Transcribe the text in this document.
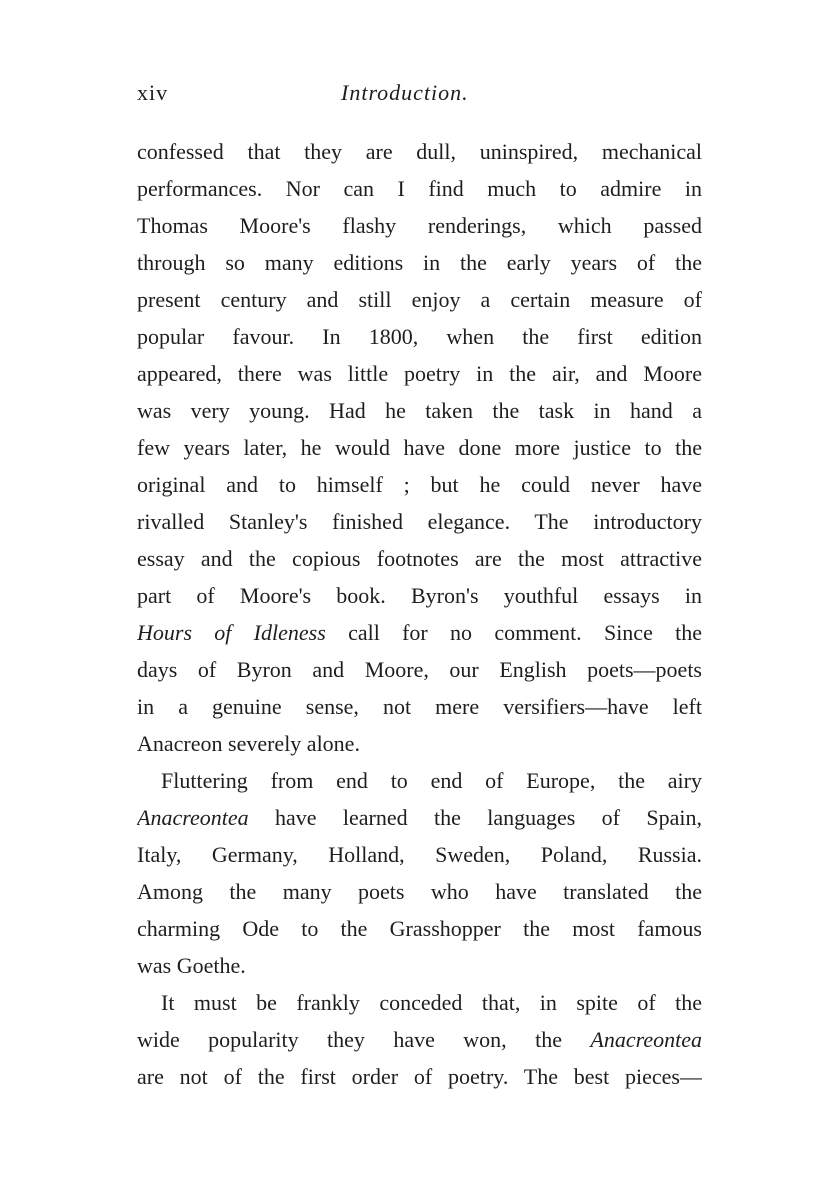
xiv	Introduction.
confessed that they are dull, uninspired, mechanical
performances. Nor can I find much to admire in
Thomas Moore's flashy renderings, which passed
through so many editions in the early years of the
present century and still enjoy a certain measure of
popular favour. In 1800, when the first edition
appeared, there was little poetry in the air, and Moore
was very young. Had he taken the task in hand a
few years later, he would have done more justice to the
original and to himself ; but he could never have
rivalled Stanley's finished elegance. The introductory
essay and the copious footnotes are the most attractive
part of Moore's book. Byron's youthful essays in
Hours of Idleness call for no comment. Since the
days of Byron and Moore, our English poets—poets
in a genuine sense, not mere versifiers—have left
Anacreon severely alone.
Fluttering from end to end of Europe, the airy
Anacreontea have learned the languages of Spain,
Italy, Germany, Holland, Sweden, Poland, Russia.
Among the many poets who have translated the
charming Ode to the Grasshopper the most famous
was Goethe.
It must be frankly conceded that, in spite of the
wide popularity they have won, the Anacreontea
are not of the first order of poetry. The best pieces—
